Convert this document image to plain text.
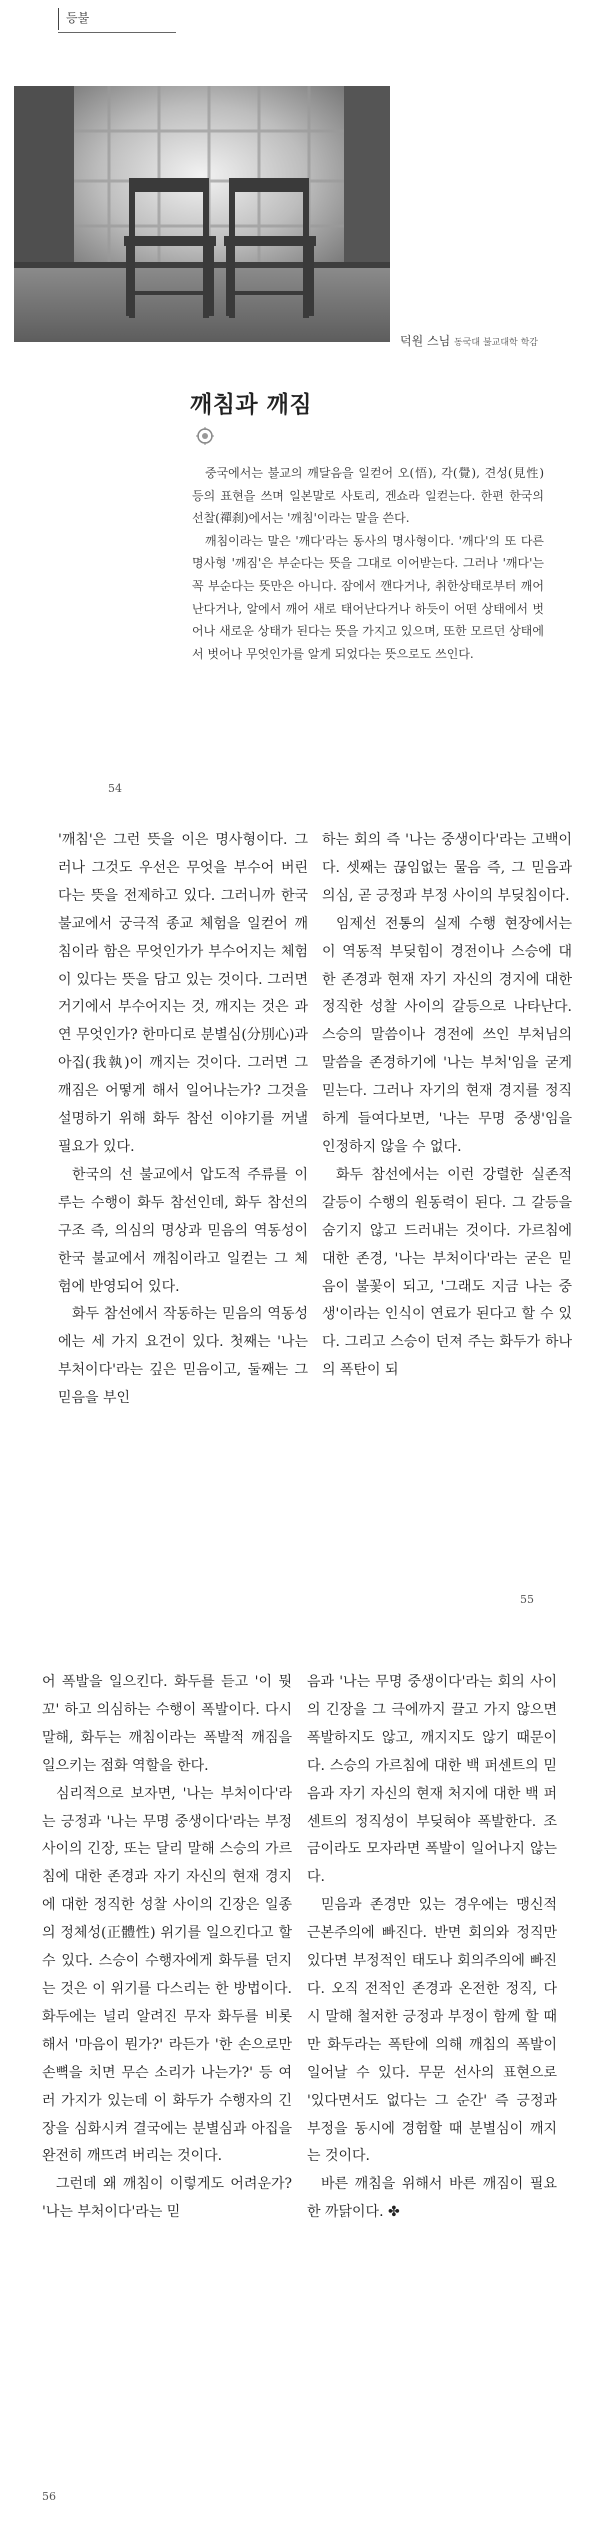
등불
덕원 스님 동국대 불교대학 학감
깨침과 깨짐

중국에서는 불교의 깨달음을 일컫어 오(悟), 각(覺), 견성(見性) 등의 표현을 쓰며 일본말로 사토리, 겐쇼라 일컫는다. 한편 한국의 선찰(禪刹)에서는 '깨침'이라는 말을 쓴다.

깨침이라는 말은 '깨다'라는 동사의 명사형이다. '깨다'의 또 다른 명사형 '깨짐'은 부순다는 뜻을 그대로 이어받는다. 그러나 '깨다'는 꼭 부순다는 뜻만은 아니다. 잠에서 깬다거나, 취한상태로부터 깨어난다거나, 알에서 깨어 새로 태어난다거나 하듯이 어떤 상태에서 벗어나 새로운 상태가 된다는 뜻을 가지고 있으며, 또한 모르던 상태에서 벗어나 무엇인가를 알게 되었다는 뜻으로도 쓰인다.

54

'깨침'은 그런 뜻을 이은 명사형이다. 그러나 그것도 우선은 무엇을 부수어 버린다는 뜻을 전제하고 있다. 그러니까 한국 불교에서 궁극적 종교 체험을 일컫어 깨침이라 함은 무엇인가가 부수어지는 체험이 있다는 뜻을 담고 있는 것이다. 그러면 거기에서 부수어지는 것, 깨지는 것은 과연 무엇인가? 한마디로 분별심(分別心)과 아집(我執)이 깨지는 것이다. 그러면 그 깨짐은 어떻게 해서 일어나는가? 그것을 설명하기 위해 화두 참선 이야기를 꺼낼 필요가 있다.

한국의 선 불교에서 압도적 주류를 이루는 수행이 화두 참선인데, 화두 참선의 구조 즉, 의심의 명상과 믿음의 역동성이 한국 불교에서 깨침이라고 일컫는 그 체험에 반영되어 있다.

화두 참선에서 작동하는 믿음의 역동성에는 세 가지 요건이 있다. 첫째는 '나는 부처이다'라는 깊은 믿음이고, 둘째는 그 믿음을 부인

하는 회의 즉 '나는 중생이다'라는 고백이다. 셋째는 끊임없는 물음 즉, 그 믿음과 의심, 곧 긍정과 부정 사이의 부딪침이다.

임제선 전통의 실제 수행 현장에서는 이 역동적 부딪힘이 경전이나 스승에 대한 존경과 현재 자기 자신의 경지에 대한 정직한 성찰 사이의 갈등으로 나타난다. 스승의 말씀이나 경전에 쓰인 부처님의 말씀을 존경하기에 '나는 부처'임을 굳게 믿는다. 그러나 자기의 현재 경지를 정직하게 들여다보면, '나는 무명 중생'임을 인정하지 않을 수 없다.

화두 참선에서는 이런 강렬한 실존적 갈등이 수행의 원동력이 된다. 그 갈등을 숨기지 않고 드러내는 것이다. 가르침에 대한 존경, '나는 부처이다'라는 굳은 믿음이 불꽃이 되고, '그래도 지금 나는 중생'이라는 인식이 연료가 된다고 할 수 있다. 그리고 스승이 던져 주는 화두가 하나의 폭탄이 되

55

어 폭발을 일으킨다. 화두를 듣고 '이 뭣꼬' 하고 의심하는 수행이 폭발이다. 다시 말해, 화두는 깨침이라는 폭발적 깨짐을 일으키는 점화 역할을 한다.

심리적으로 보자면, '나는 부처이다'라는 긍정과 '나는 무명 중생이다'라는 부정 사이의 긴장, 또는 달리 말해 스승의 가르침에 대한 존경과 자기 자신의 현재 경지에 대한 정직한 성찰 사이의 긴장은 일종의 정체성(正體性) 위기를 일으킨다고 할 수 있다. 스승이 수행자에게 화두를 던지는 것은 이 위기를 다스리는 한 방법이다. 화두에는 널리 알려진 무자 화두를 비롯해서 '마음이 뭔가?' 라든가 '한 손으로만 손뼉을 치면 무슨 소리가 나는가?' 등 여러 가지가 있는데 이 화두가 수행자의 긴장을 심화시켜 결국에는 분별심과 아집을 완전히 깨뜨려 버리는 것이다.

그런데 왜 깨침이 이렇게도 어려운가? '나는 부처이다'라는 믿

음과 '나는 무명 중생이다'라는 회의 사이의 긴장을 그 극에까지 끌고 가지 않으면 폭발하지도 않고, 깨지지도 않기 때문이다. 스승의 가르침에 대한 백 퍼센트의 믿음과 자기 자신의 현재 처지에 대한 백 퍼센트의 정직성이 부딪혀야 폭발한다. 조금이라도 모자라면 폭발이 일어나지 않는다.

믿음과 존경만 있는 경우에는 맹신적 근본주의에 빠진다. 반면 회의와 정직만 있다면 부정적인 태도나 회의주의에 빠진다. 오직 전적인 존경과 온전한 정직, 다시 말해 철저한 긍정과 부정이 함께 할 때만 화두라는 폭탄에 의해 깨침의 폭발이 일어날 수 있다. 무문 선사의 표현으로 '있다면서도 없다는 그 순간' 즉 긍정과 부정을 동시에 경험할 때 분별심이 깨지는 것이다.

바른 깨침을 위해서 바른 깨짐이 필요한 까닭이다. ✤

56
